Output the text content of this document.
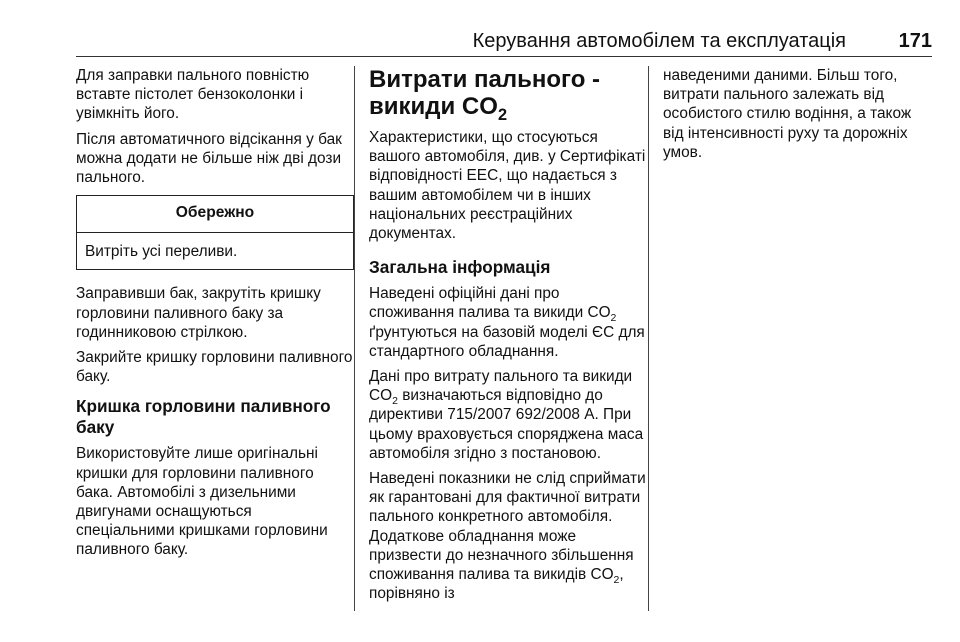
Керування автомобілем та експлуатація	171

Для заправки пального повністю вставте пістолет бензоколонки і увімкніть його.

Після автоматичного відсікання у бак можна додати не більше ніж дві дози пального.

Обережно
Витріть усі переливи.

Заправивши бак, закрутіть кришку горловини паливного баку за годинниковою стрілкою.

Закрийте кришку горловини паливного баку.

Кришка горловини паливного баку

Використовуйте лише оригінальні кришки для горловини паливного бака. Автомобілі з дизельними двигунами оснащуються спеціальними кришками горловини паливного баку.

Витрати пального - викиди $CO_2$

Характеристики, що стосуються вашого автомобіля, див. у Сертифікаті відповідності ЕЕС, що надається з вашим автомобілем чи в інших національних реєстраційних документах.

Загальна інформація

Наведені офіційні дані про споживання палива та викиди $CO_2$
ґрунтуються на базовій моделі ЄС для стандартного обладнання.

Дані про витрату пального та викиди $CO_2$ визначаються відповідно до директиви 715/2007 692/2008 А. При цьому враховується споряджена маса автомобіля згідно з постановою.

Наведені показники не слід сприймати як гарантовані для фактичної витрати пального конкретного автомобіля.

Додаткове обладнання може призвести до незначного збільшення споживання палива та викидів $CO_2$, порівняно із

наведеними даними. Більш того, витрати пального залежать від особистого стилю водіння, а також від інтенсивності руху та дорожніх умов.
